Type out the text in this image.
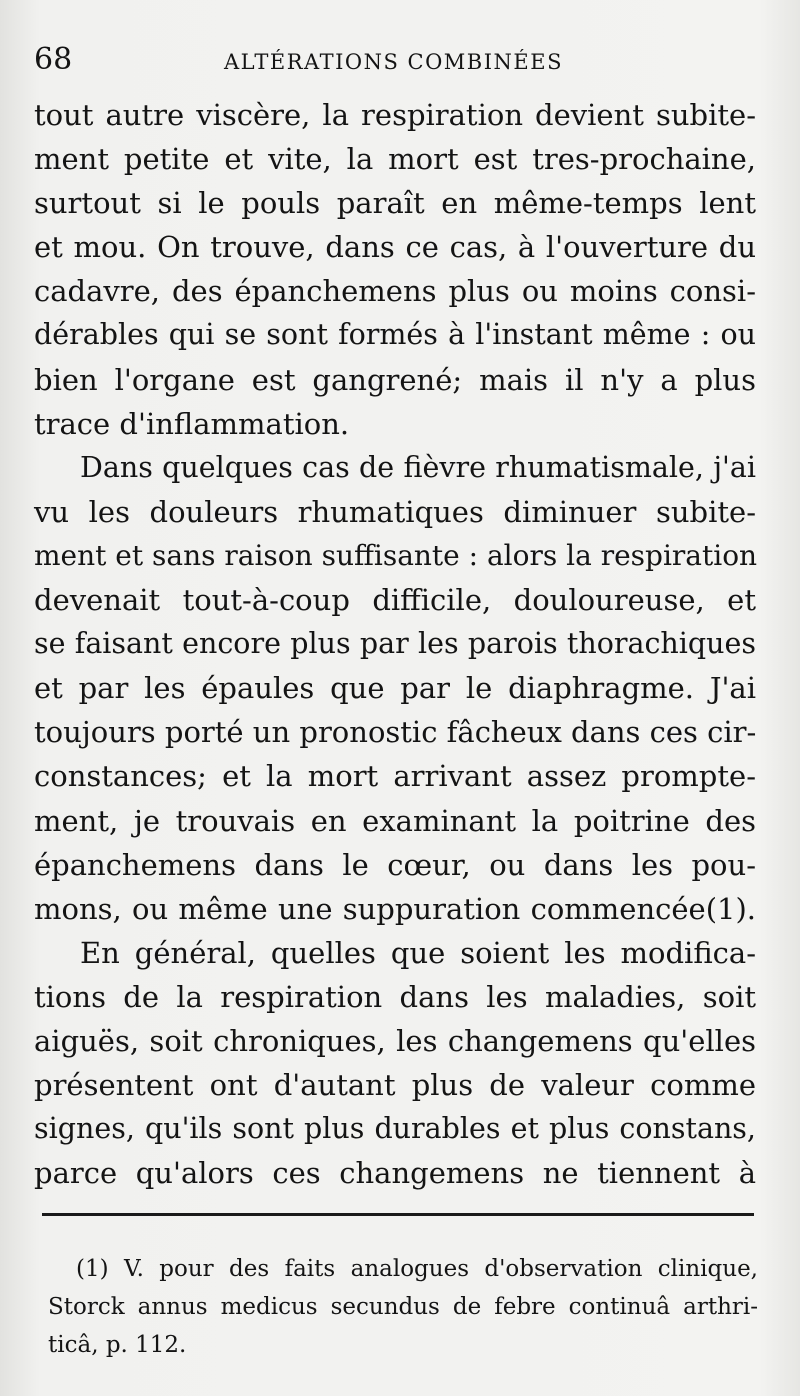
68	ALTÉRATIONS COMBINÉES
tout autre viscère, la respiration devient subite-
ment petite et vite, la mort est tres-prochaine,
surtout si le pouls paraît en même-temps lent
et mou. On trouve, dans ce cas, à l'ouverture du
cadavre, des épanchemens plus ou moins consi-
dérables qui se sont formés à l'instant même : ou
bien l'organe est gangrené; mais il n'y a plus
trace d'inflammation.
Dans quelques cas de fièvre rhumatismale, j'ai
vu les douleurs rhumatiques diminuer subite-
ment et sans raison suffisante : alors la respiration
devenait tout-à-coup difficile, douloureuse, et
se faisant encore plus par les parois thorachiques
et par les épaules que par le diaphragme. J'ai
toujours porté un pronostic fâcheux dans ces cir-
constances; et la mort arrivant assez prompte-
ment, je trouvais en examinant la poitrine des
épanchemens dans le cœur, ou dans les pou-
mons, ou même une suppuration commencée(1).
En général, quelles que soient les modifica-
tions de la respiration dans les maladies, soit
aiguës, soit chroniques, les changemens qu'elles
présentent ont d'autant plus de valeur comme
signes, qu'ils sont plus durables et plus constans,
parce qu'alors ces changemens ne tiennent à
(1) V. pour des faits analogues d'observation clinique,
Storck annus medicus secundus de febre continuâ arthri-
ticâ, p. 112.
